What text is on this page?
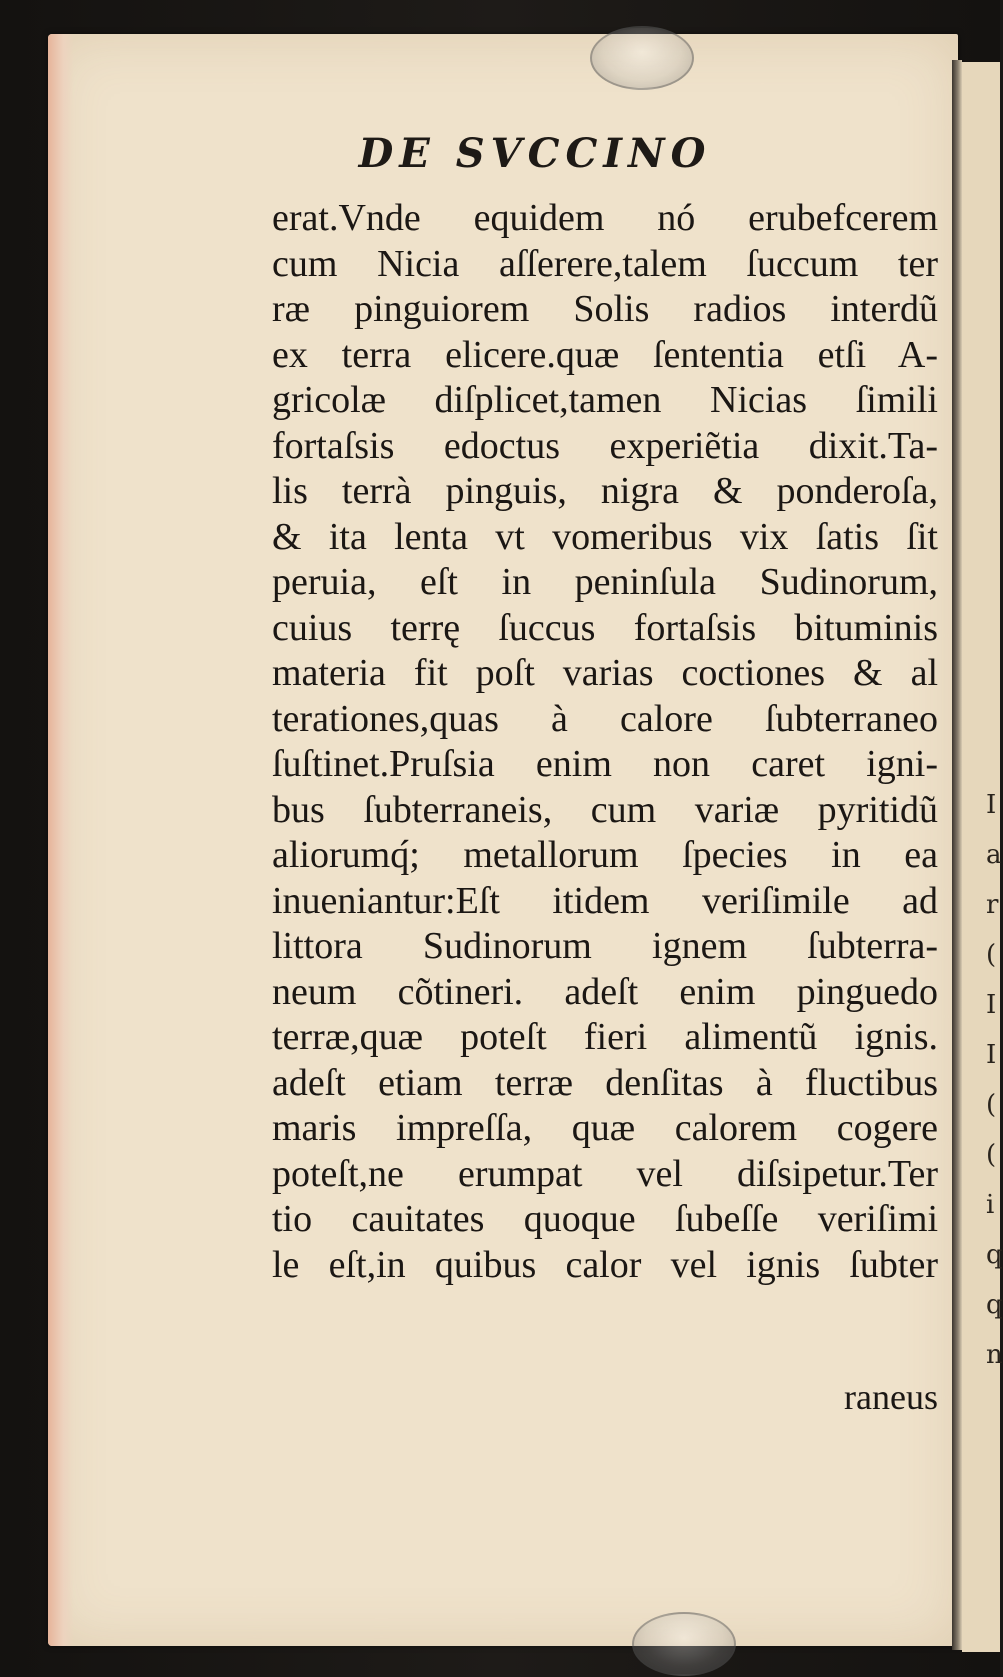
I
a
r
(
I
I
(
(
i
q
q
n
DE SVCCINO
erat.Vnde equidem nó erubefcerem
cum Nicia aſſerere,talem ſuccum ter
ræ pinguiorem Solis radios interdũ
ex terra elicere.quæ ſententia etſi A-
gricolæ diſplicet,tamen Nicias ſimili
fortaſsis edoctus experiẽtia dixit.Ta-
lis terrà pinguis, nigra & ponderoſa,
& ita lenta vt vomeribus vix ſatis ſit
peruia, eſt in peninſula Sudinorum,
cuius terrę ſuccus fortaſsis bituminis
materia fit poſt varias coctiones & al
terationes,quas à calore ſubterraneo
ſuſtinet.Pruſsia enim non caret igni-
bus ſubterraneis, cum variæ pyritidũ
aliorumq́; metallorum ſpecies in ea
inueniantur:Eſt itidem veriſimile ad
littora Sudinorum ignem ſubterra-
neum cõtineri. adeſt enim pinguedo
terræ,quæ poteſt fieri alimentũ ignis.
adeſt etiam terræ denſitas à fluctibus
maris impreſſa, quæ calorem cogere
poteſt,ne erumpat vel diſsipetur.Ter
tio cauitates quoque ſubeſſe veriſimi
le eſt,in quibus calor vel ignis ſubter
raneus
